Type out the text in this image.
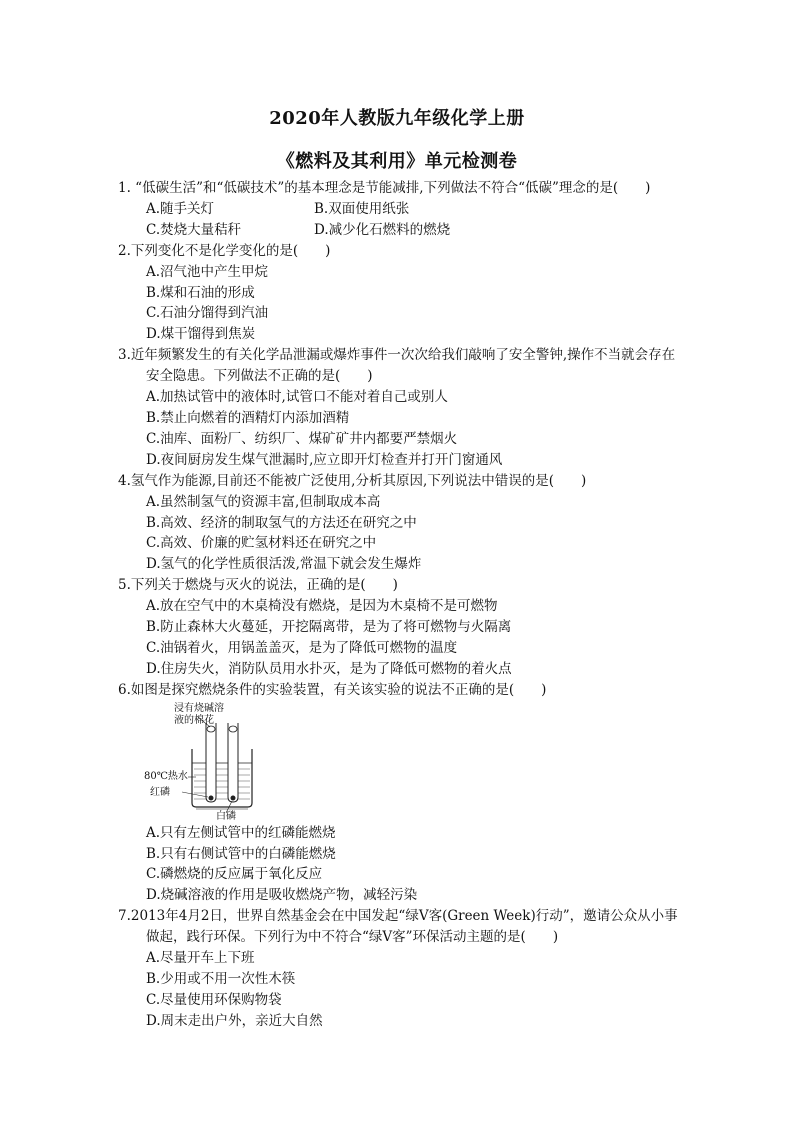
2020年人教版九年级化学上册
《燃料及其利用》单元检测卷
1. “低碳生活”和“低碳技术”的基本理念是节能减排,下列做法不符合“低碳”理念的是(　　)
A.随手关灯	B.双面使用纸张
C.焚烧大量秸秆	D.减少化石燃料的燃烧
2.下列变化不是化学变化的是(　　)
A.沼气池中产生甲烷
B.煤和石油的形成
C.石油分馏得到汽油
D.煤干馏得到焦炭
3.近年频繁发生的有关化学品泄漏或爆炸事件一次次给我们敲响了安全警钟,操作不当就会存在安全隐患。下列做法不正确的是(　　)
A.加热试管中的液体时,试管口不能对着自己或别人
B.禁止向燃着的酒精灯内添加酒精
C.油库、面粉厂、纺织厂、煤矿矿井内都要严禁烟火
D.夜间厨房发生煤气泄漏时,应立即开灯检查并打开门窗通风
4.氢气作为能源,目前还不能被广泛使用,分析其原因,下列说法中错误的是(　　)
A.虽然制氢气的资源丰富,但制取成本高
B.高效、经济的制取氢气的方法还在研究之中
C.高效、价廉的贮氢材料还在研究之中
D.氢气的化学性质很活泼,常温下就会发生爆炸
5.下列关于燃烧与灭火的说法，正确的是(　　)
A.放在空气中的木桌椅没有燃烧，是因为木桌椅不是可燃物
B.防止森林大火蔓延，开挖隔离带，是为了将可燃物与火隔离
C.油锅着火，用锅盖盖灭，是为了降低可燃物的温度
D.住房失火，消防队员用水扑灭，是为了降低可燃物的着火点
6.如图是探究燃烧条件的实验装置，有关该实验的说法不正确的是(　　)
浸有烧碱溶液的棉花
80℃热水
红磷
白磷
A.只有左侧试管中的红磷能燃烧
B.只有右侧试管中的白磷能燃烧
C.磷燃烧的反应属于氧化反应
D.烧碱溶液的作用是吸收燃烧产物，减轻污染
7.2013年4月2日，世界自然基金会在中国发起“绿V客(Green Week)行动”，邀请公众从小事做起，践行环保。下列行为中不符合“绿V客”环保活动主题的是(　　)
A.尽量开车上下班
B.少用或不用一次性木筷
C.尽量使用环保购物袋
D.周末走出户外，亲近大自然
